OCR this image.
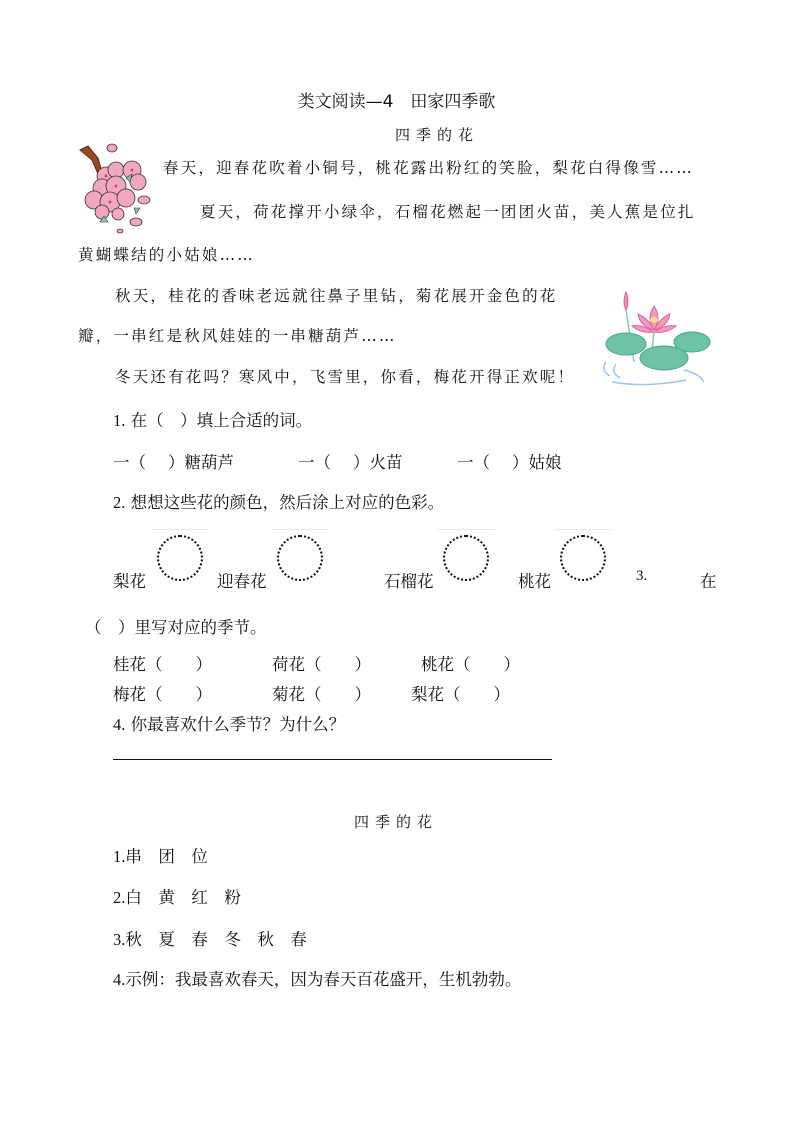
类文阅读—4　田家四季歌
四季的花
春天，迎春花吹着小铜号，桃花露出粉红的笑脸，梨花白得像雪……
夏天，荷花撑开小绿伞，石榴花燃起一团团火苗，美人蕉是位扎
黄蝴蝶结的小姑娘……
秋天，桂花的香味老远就往鼻子里钻，菊花展开金色的花
瓣，一串红是秋风娃娃的一串糖葫芦……
冬天还有花吗？寒风中，飞雪里，你看，梅花开得正欢呢！
1. 在（　）填上合适的词。
一（ ）糖葫芦	一（ ）火苗	一（ ）姑娘
2. 想想这些花的颜色，然后涂上对应的色彩。
梨花	迎春花	石榴花	桃花	3.	在
（　）里写对应的季节。
桂花（　　）	荷花（　　）	桃花（　　）
梅花（　　）	菊花（　　） 梨花（　　）
4. 你最喜欢什么季节？为什么？
四季的花
1.串　团　位
2.白　黄　红　粉
3.秋　夏　春　冬　秋　春
4.示例：我最喜欢春天，因为春天百花盛开，生机勃勃。
